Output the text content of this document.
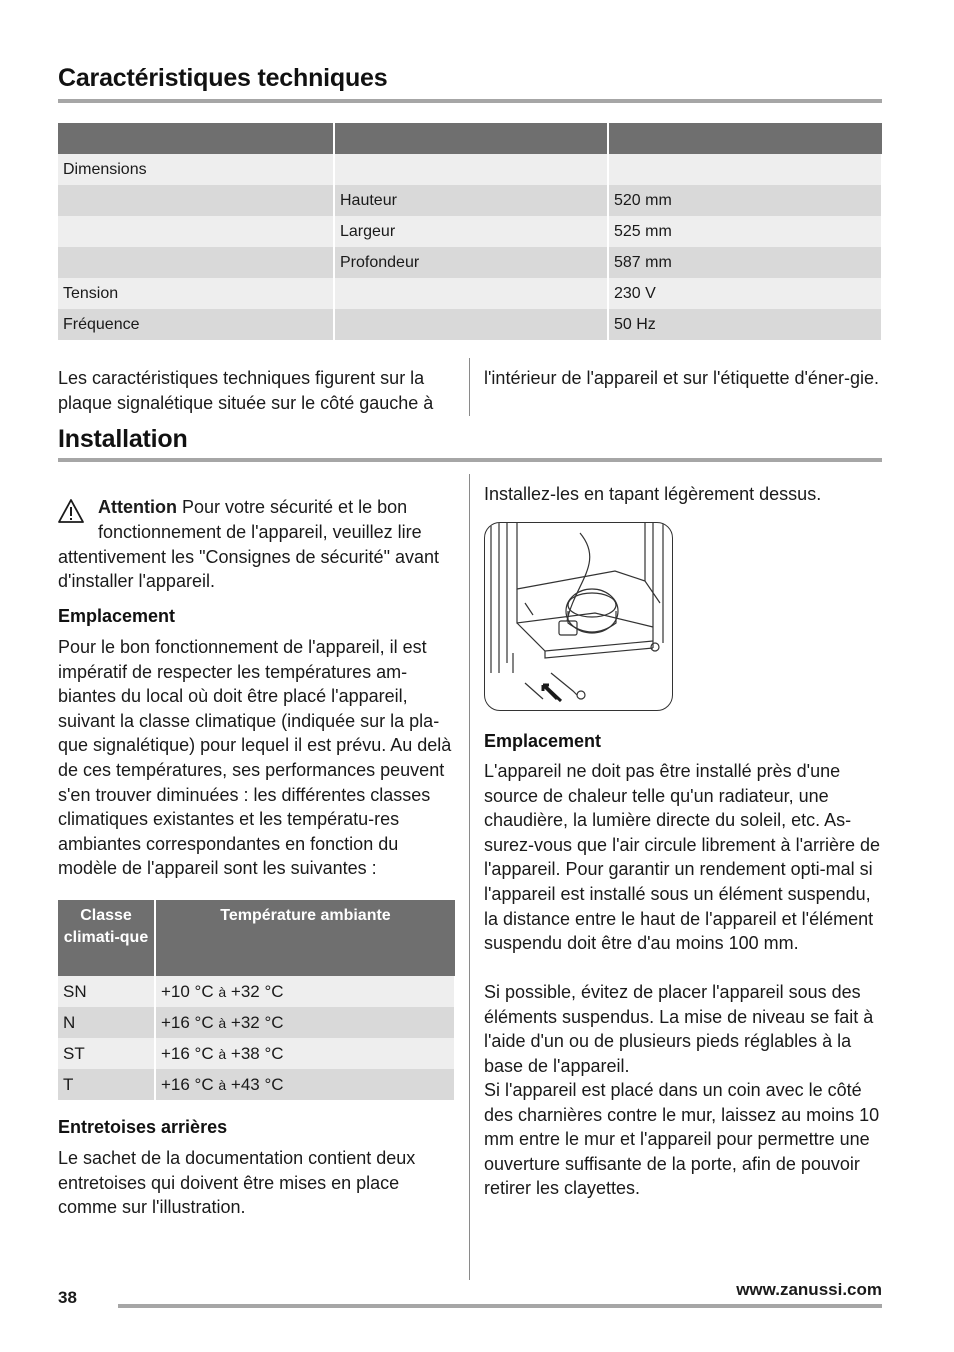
Caractéristiques techniques

Dimensions		
	Hauteur	520 mm
	Largeur	525 mm
	Profondeur	587 mm
Tension		230 V
Fréquence		50 Hz
Les caractéristiques techniques figurent sur la plaque signalétique située sur le côté gauche à
l'intérieur de l'appareil et sur l'étiquette d'éner-gie.
Installation
Attention Pour votre sécurité et le bon
fonctionnement de l'appareil, veuillez lire attentivement les "Consignes de sécurité" avant d'installer l'appareil.
Emplacement
Pour le bon fonctionnement de l'appareil, il est impératif de respecter les températures am-biantes du local où doit être placé l'appareil, suivant la classe climatique (indiquée sur la pla-que signalétique) pour lequel il est prévu. Au delà de ces températures, ses performances peuvent s'en trouver diminuées : les différentes classes climatiques existantes et les températu-res ambiantes correspondantes en fonction du modèle de l'appareil sont les suivantes :
Classe climati-que	Température ambiante
SN	+10 °C à +32 °C
N	+16 °C à +32 °C
ST	+16 °C à +38 °C
T	+16 °C à +43 °C
Entretoises arrières
Le sachet de la documentation contient deux entretoises qui doivent être mises en place comme sur l'illustration.
Installez-les en tapant légèrement dessus.
Emplacement
L'appareil ne doit pas être installé près d'une source de chaleur telle qu'un radiateur, une chaudière, la lumière directe du soleil, etc. As-surez-vous que l'air circule librement à l'arrière de l'appareil. Pour garantir un rendement opti-mal si l'appareil est installé sous un élément suspendu, la distance entre le haut de l'appareil et l'élément suspendu doit être d'au moins 100 mm.
Si possible, évitez de placer l'appareil sous des éléments suspendus. La mise de niveau se fait à l'aide d'un ou de plusieurs pieds réglables à la base de l'appareil.
Si l'appareil est placé dans un coin avec le côté des charnières contre le mur, laissez au moins 10 mm entre le mur et l'appareil pour permettre une ouverture suffisante de la porte, afin de pouvoir retirer les clayettes.
38	www.zanussi.com
